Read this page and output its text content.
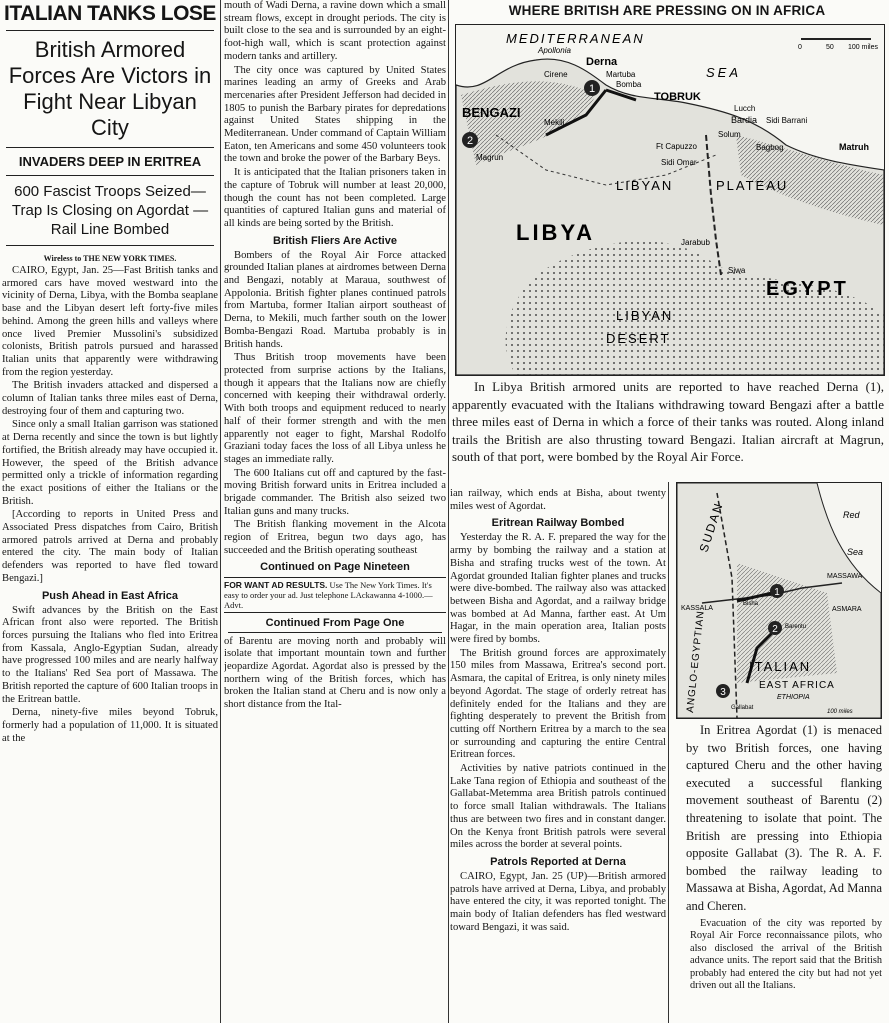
ITALIAN TANKS LOSE
British Armored Forces Are Victors in Fight Near Libyan City
INVADERS DEEP IN ERITREA
600 Fascist Troops Seized— Trap Is Closing on Agordat —Rail Line Bombed
Wireless to THE NEW YORK TIMES.

CAIRO, Egypt, Jan. 25—Fast British tanks and armored cars have moved westward into the vicinity of Derna, Libya, with the Bomba seaplane base and the Libyan desert left forty-five miles behind. Among the green hills and valleys where once lived Premier Mussolini's subsidized colonists, British patrols pursued and harassed Italian units that apparently were withdrawing from the region yesterday.

The British invaders attacked and dispersed a column of Italian tanks three miles east of Derna, destroying four of them and capturing two.

Since only a small Italian garrison was stationed at Derna recently and since the town is but lightly fortified, the British already may have occupied it. However, the speed of the British advance permitted only a trickle of information regarding the exact positions of either the Italians or the British.

[According to reports in United Press and Associated Press dispatches from Cairo, British armored patrols arrived at Derna and probably entered the city. The main body of Italian defenders was reported to have fled toward Bengazi.]

Push Ahead in East Africa

Swift advances by the British on the East African front also were reported. The British forces pursuing the Italians who fled into Eritrea from Kassala, Anglo-Egyptian Sudan, already have progressed 100 miles and are nearly halfway to the Italians' Red Sea port of Massawa. The British reported the capture of 600 Italian troops in the Eritrean battle.

Derna, ninety-five miles beyond Tobruk, formerly had a population of 11,000. It is situated at the

mouth of Wadi Derna, a ravine down which a small stream flows, except in drought periods. The city is built close to the sea and is surrounded by an eight-foot-high wall, which is scant protection against modern tanks and artillery.

The city once was captured by United States marines leading an army of Greeks and Arab mercenaries after President Jefferson had decided in 1805 to punish the Barbary pirates for depredations against United States shipping in the Mediterranean. Under command of Captain William Eaton, ten Americans and some 450 volunteers took the town and broke the power of the Barbary Beys.

It is anticipated that the Italian prisoners taken in the capture of Tobruk will number at least 20,000, though the count has not been completed. Large quantities of captured Italian guns and material of all kinds are being sorted by the British.

British Fliers Are Active

Bombers of the Royal Air Force attacked grounded Italian planes at airdromes between Derna and Bengazi, notably at Maraua, southwest of Appolonia. British fighter planes continued patrols from Martuba, former Italian airport southeast of Derna, to Mekili, much farther south on the lower Bomba-Bengazi Road. Martuba probably is in British hands.

Thus British troop movements have been protected from surprise actions by the Italians, though it appears that the Italians now are chiefly concerned with keeping their withdrawal orderly. With both troops and equipment reduced to nearly half of their former strength and with the men apparently not eager to fight, Marshal Rodolfo Graziani today faces the loss of all Libya unless he stages an immediate rally.

The 600 Italians cut off and captured by the fast-moving British forward units in Eritrea included a brigade commander. The British also seized two Italian guns and many trucks.

The British flanking movement in the Alcota region of Eritrea, begun two days ago, has succeeded and the British operating southeast

Continued on Page Nineteen
FOR WANT AD RESULTS. Use The New York Times. It's easy to order your ad. Just telephone LAckawanna 4-1000.—Advt.
Continued From Page One

of Barentu are moving north and probably will isolate that important mountain town and further jeopardize Agordat. Agordat also is pressed by the northern wing of the British forces, which has broken the Italian stand at Cheru and is now only a short distance from the Ital-

WHERE BRITISH ARE PRESSING ON IN AFRICA
1
2
0	50 100 miles
MEDITERRANEAN
SEA
Apollonia
Derna
Cirene	Martuba
Bomba
TOBRUK
BENGAZI
Mekili
Magrun
Lucch
Bardia Sidi Barrani
Solum
Matruh
Ft Capuzzo
Sidi Omar
Bagbog
LIBYAN	PLATEAU
LIBYA
EGYPT
Jarabub
Siwa
LIBYAN
DESERT

In Libya British armored units are reported to have reached Derna (1), apparently evacuated with the Italians withdrawing toward Bengazi after a battle three miles east of Derna in which a force of their tanks was routed. Along inland trails the British are also thrusting toward Bengazi. Italian aircraft at Magrun, south of that port, were bombed by the Royal Air Force.

ian railway, which ends at Bisha, about twenty miles west of Agordat.

Eritrean Railway Bombed

Yesterday the R. A. F. prepared the way for the army by bombing the railway and a station at Bisha and strafing trucks west of the town. At Agordat grounded Italian fighter planes and trucks were dive-bombed. The railway also was attacked between Bisha and Agordat, and a railway bridge was bombed at Ad Manna, farther east. At Um Hagar, in the main operation area, Italian posts were fired by bombs.

The British ground forces are approximately 150 miles from Massawa, Eritrea's second port. Asmara, the capital of Eritrea, is only ninety miles beyond Agordat. The stage of orderly retreat has definitely ended for the Italians and they are fighting desperately to prevent the British from cutting off Northern Eritrea by a march to the sea or surrounding and capturing the entire Central Eritrean forces.

Activities by native patriots continued in the Lake Tana region of Ethiopia and southeast of the Gallabat-Metemma area British patrols continued to force small Italian withdrawals. The Italians thus are between two fires and in constant danger. On the Kenya front British patrols were several miles across the border at several points.

Patrols Reported at Derna

CAIRO, Egypt, Jan. 25 (UP)—British armored patrols have arrived at Derna, Libya, and probably have entered the city, it was reported tonight. The main body of Italian defenders has fled westward toward Bengazi, it was said.

1
2
3
SUDAN
ANGLO-EGYPTIAN
Red
Sea
KASSALA
MASSAWA
ASMARA
Bisha
Barentu
ITALIAN
EAST AFRICA
ETHIOPIA
Gallabat
100 miles

In Eritrea Agordat (1) is menaced by two British forces, one having captured Cheru and the other having executed a successful flanking movement southeast of Barentu (2) threatening to isolate that point. The British are pressing into Ethiopia opposite Gallabat (3). The R. A. F. bombed the railway leading to Massawa at Bisha, Agordat, Ad Manna and Cheren.

Evacuation of the city was reported by Royal Air Force reconnaissance pilots, who also disclosed the arrival of the British advance units. The report said that the British probably had entered the city but had not yet driven out all the Italians.
